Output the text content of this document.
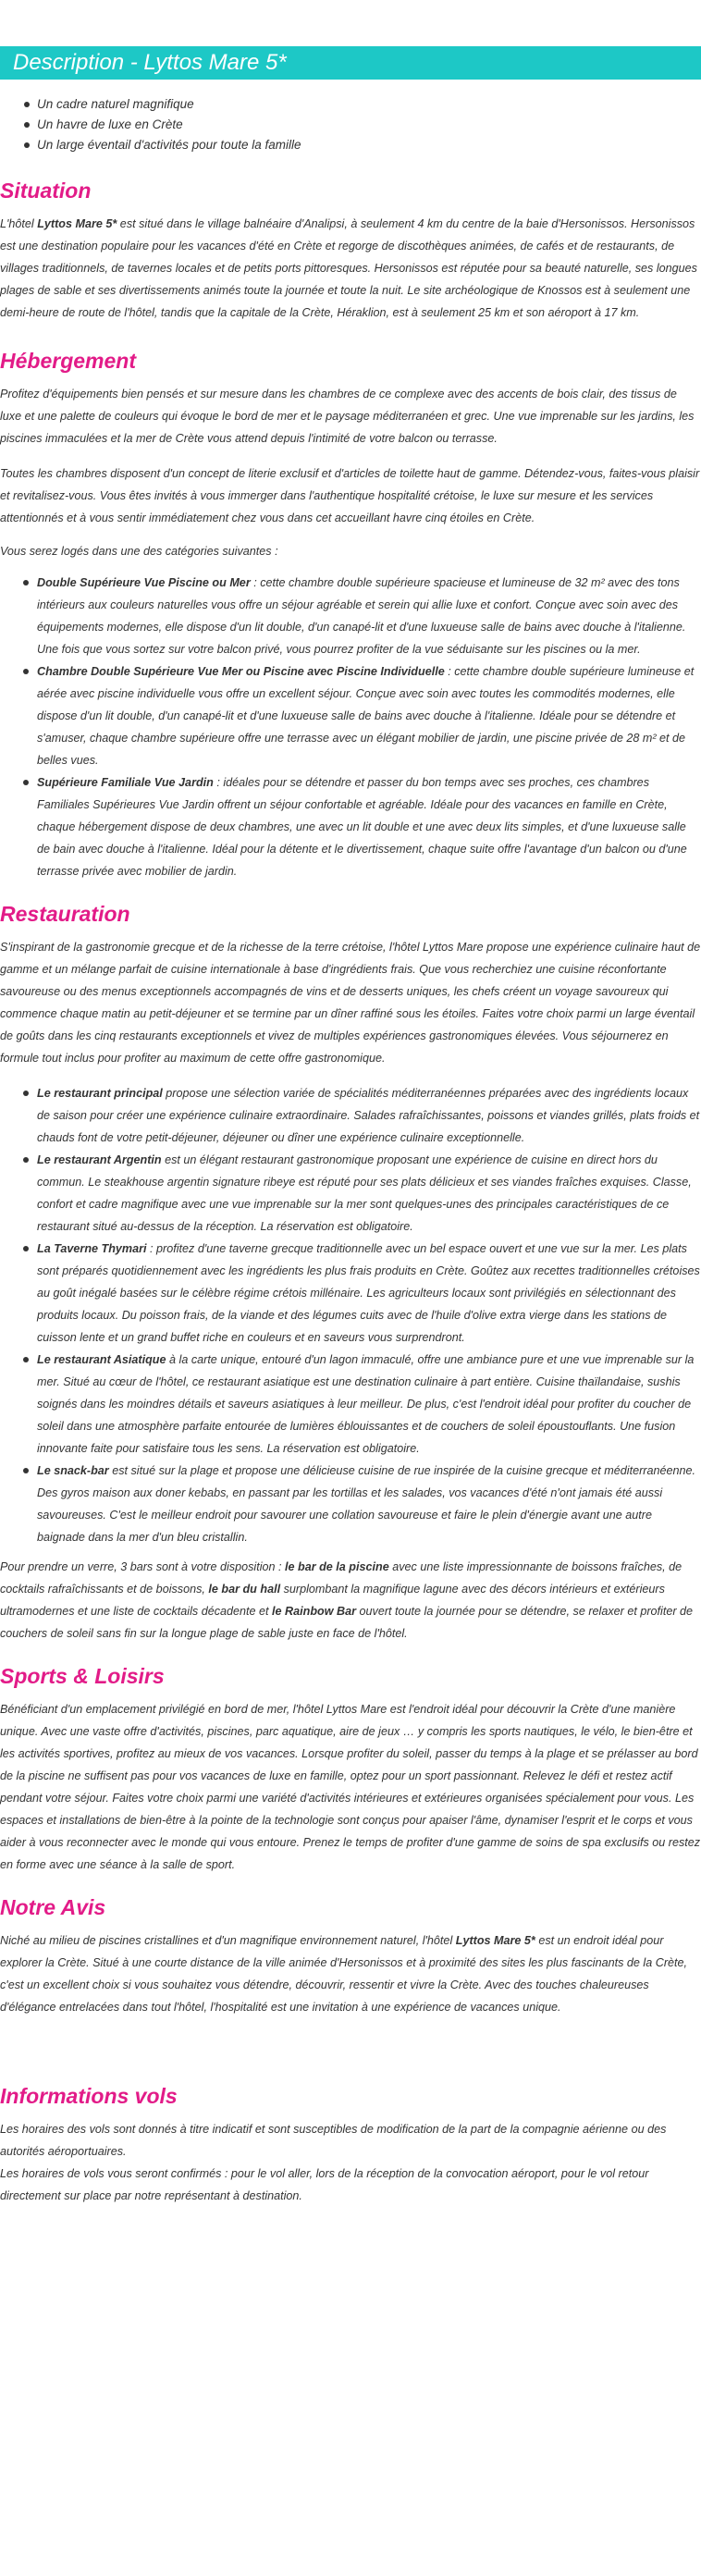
Description - Lyttos Mare 5*
Un cadre naturel magnifique
Un havre de luxe en Crète
Un large éventail d'activités pour toute la famille
Situation

L'hôtel Lyttos Mare 5* est situé dans le village balnéaire d'Analipsi, à seulement 4 km du centre de la baie d'Hersonissos. Hersonissos est une destination populaire pour les vacances d'été en Crète et regorge de discothèques animées, de cafés et de restaurants, de villages traditionnels, de tavernes locales et de petits ports pittoresques. Hersonissos est réputée pour sa beauté naturelle, ses longues plages de sable et ses divertissements animés toute la journée et toute la nuit. Le site archéologique de Knossos est à seulement une demi-heure de route de l'hôtel, tandis que la capitale de la Crète, Héraklion, est à seulement 25 km et son aéroport à 17 km.

Hébergement

Profitez d'équipements bien pensés et sur mesure dans les chambres de ce complexe avec des accents de bois clair, des tissus de luxe et une palette de couleurs qui évoque le bord de mer et le paysage méditerranéen et grec. Une vue imprenable sur les jardins, les piscines immaculées et la mer de Crète vous attend depuis l'intimité de votre balcon ou terrasse.

Toutes les chambres disposent d'un concept de literie exclusif et d'articles de toilette haut de gamme. Détendez-vous, faites-vous plaisir et revitalisez-vous. Vous êtes invités à vous immerger dans l'authentique hospitalité crétoise, le luxe sur mesure et les services attentionnés et à vous sentir immédiatement chez vous dans cet accueillant havre cinq étoiles en Crète.

Vous serez logés dans une des catégories suivantes :

Double Supérieure Vue Piscine ou Mer : cette chambre double supérieure spacieuse et lumineuse de 32 m² avec des tons intérieurs aux couleurs naturelles vous offre un séjour agréable et serein qui allie luxe et confort. Conçue avec soin avec des équipements modernes, elle dispose d'un lit double, d'un canapé-lit et d'une luxueuse salle de bains avec douche à l'italienne. Une fois que vous sortez sur votre balcon privé, vous pourrez profiter de la vue séduisante sur les piscines ou la mer.
Chambre Double Supérieure Vue Mer ou Piscine avec Piscine Individuelle : cette chambre double supérieure lumineuse et aérée avec piscine individuelle vous offre un excellent séjour. Conçue avec soin avec toutes les commodités modernes, elle dispose d'un lit double, d'un canapé-lit et d'une luxueuse salle de bains avec douche à l'italienne. Idéale pour se détendre et s'amuser, chaque chambre supérieure offre une terrasse avec un élégant mobilier de jardin, une piscine privée de 28 m² et de belles vues.
Supérieure Familiale Vue Jardin : idéales pour se détendre et passer du bon temps avec ses proches, ces chambres Familiales Supérieures Vue Jardin offrent un séjour confortable et agréable. Idéale pour des vacances en famille en Crète, chaque hébergement dispose de deux chambres, une avec un lit double et une avec deux lits simples, et d'une luxueuse salle de bain avec douche à l'italienne. Idéal pour la détente et le divertissement, chaque suite offre l'avantage d'un balcon ou d'une terrasse privée avec mobilier de jardin.
Restauration

S'inspirant de la gastronomie grecque et de la richesse de la terre crétoise, l'hôtel Lyttos Mare propose une expérience culinaire haut de gamme et un mélange parfait de cuisine internationale à base d'ingrédients frais. Que vous recherchiez une cuisine réconfortante savoureuse ou des menus exceptionnels accompagnés de vins et de desserts uniques, les chefs créent un voyage savoureux qui commence chaque matin au petit-déjeuner et se termine par un dîner raffiné sous les étoiles. Faites votre choix parmi un large éventail de goûts dans les cinq restaurants exceptionnels et vivez de multiples expériences gastronomiques élevées. Vous séjournerez en formule tout inclus pour profiter au maximum de cette offre gastronomique.

Le restaurant principal propose une sélection variée de spécialités méditerranéennes préparées avec des ingrédients locaux de saison pour créer une expérience culinaire extraordinaire. Salades rafraîchissantes, poissons et viandes grillés, plats froids et chauds font de votre petit-déjeuner, déjeuner ou dîner une expérience culinaire exceptionnelle.
Le restaurant Argentin est un élégant restaurant gastronomique proposant une expérience de cuisine en direct hors du commun. Le steakhouse argentin signature ribeye est réputé pour ses plats délicieux et ses viandes fraîches exquises. Classe, confort et cadre magnifique avec une vue imprenable sur la mer sont quelques-unes des principales caractéristiques de ce restaurant situé au-dessus de la réception. La réservation est obligatoire.
La Taverne Thymari : profitez d'une taverne grecque traditionnelle avec un bel espace ouvert et une vue sur la mer. Les plats sont préparés quotidiennement avec les ingrédients les plus frais produits en Crète. Goûtez aux recettes traditionnelles crétoises au goût inégalé basées sur le célèbre régime crétois millénaire. Les agriculteurs locaux sont privilégiés en sélectionnant des produits locaux. Du poisson frais, de la viande et des légumes cuits avec de l'huile d'olive extra vierge dans les stations de cuisson lente et un grand buffet riche en couleurs et en saveurs vous surprendront.
Le restaurant Asiatique à la carte unique, entouré d'un lagon immaculé, offre une ambiance pure et une vue imprenable sur la mer. Situé au cœur de l'hôtel, ce restaurant asiatique est une destination culinaire à part entière. Cuisine thaïlandaise, sushis soignés dans les moindres détails et saveurs asiatiques à leur meilleur. De plus, c'est l'endroit idéal pour profiter du coucher de soleil dans une atmosphère parfaite entourée de lumières éblouissantes et de couchers de soleil époustouflants. Une fusion innovante faite pour satisfaire tous les sens. La réservation est obligatoire.
Le snack-bar est situé sur la plage et propose une délicieuse cuisine de rue inspirée de la cuisine grecque et méditerranéenne. Des gyros maison aux doner kebabs, en passant par les tortillas et les salades, vos vacances d'été n'ont jamais été aussi savoureuses. C'est le meilleur endroit pour savourer une collation savoureuse et faire le plein d'énergie avant une autre baignade dans la mer d'un bleu cristallin.

Pour prendre un verre, 3 bars sont à votre disposition : le bar de la piscine avec une liste impressionnante de boissons fraîches, de cocktails rafraîchissants et de boissons, le bar du hall surplombant la magnifique lagune avec des décors intérieurs et extérieurs ultramodernes et une liste de cocktails décadente et le Rainbow Bar ouvert toute la journée pour se détendre, se relaxer et profiter de couchers de soleil sans fin sur la longue plage de sable juste en face de l'hôtel.

Sports & Loisirs

Bénéficiant d'un emplacement privilégié en bord de mer, l'hôtel Lyttos Mare est l'endroit idéal pour découvrir la Crète d'une manière unique. Avec une vaste offre d'activités, piscines, parc aquatique, aire de jeux … y compris les sports nautiques, le vélo, le bien-être et les activités sportives, profitez au mieux de vos vacances. Lorsque profiter du soleil, passer du temps à la plage et se prélasser au bord de la piscine ne suffisent pas pour vos vacances de luxe en famille, optez pour un sport passionnant. Relevez le défi et restez actif pendant votre séjour. Faites votre choix parmi une variété d'activités intérieures et extérieures organisées spécialement pour vous. Les espaces et installations de bien-être à la pointe de la technologie sont conçus pour apaiser l'âme, dynamiser l'esprit et le corps et vous aider à vous reconnecter avec le monde qui vous entoure. Prenez le temps de profiter d'une gamme de soins de spa exclusifs ou restez en forme avec une séance à la salle de sport.

Notre Avis

Niché au milieu de piscines cristallines et d'un magnifique environnement naturel, l'hôtel Lyttos Mare 5* est un endroit idéal pour explorer la Crète. Situé à une courte distance de la ville animée d'Hersonissos et à proximité des sites les plus fascinants de la Crète, c'est un excellent choix si vous souhaitez vous détendre, découvrir, ressentir et vivre la Crète. Avec des touches chaleureuses d'élégance entrelacées dans tout l'hôtel, l'hospitalité est une invitation à une expérience de vacances unique.

Informations vols

Les horaires des vols sont donnés à titre indicatif et sont susceptibles de modification de la part de la compagnie aérienne ou des autorités aéroportuaires.

Les horaires de vols vous seront confirmés : pour le vol aller, lors de la réception de la convocation aéroport, pour le vol retour directement sur place par notre représentant à destination.
